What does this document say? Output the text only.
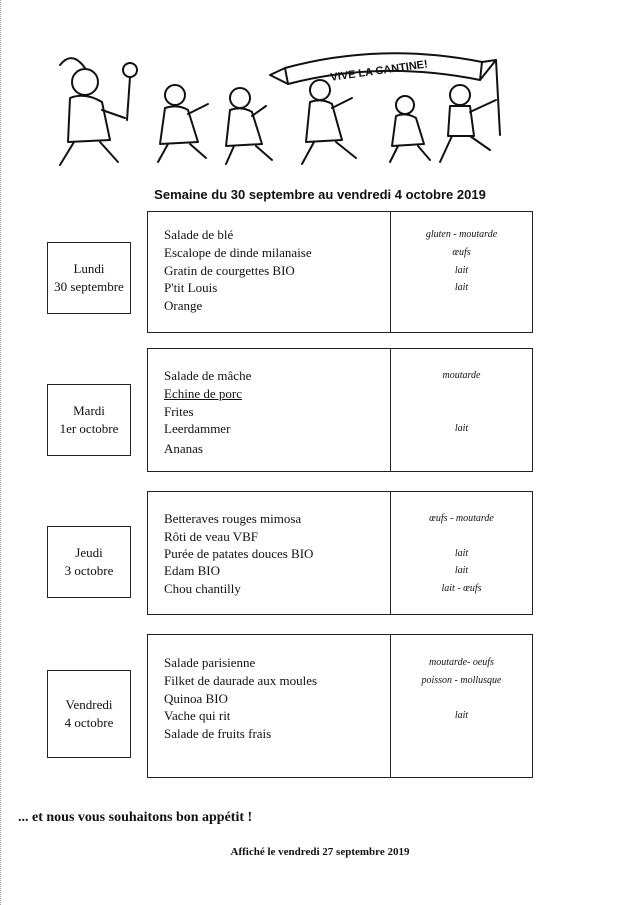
VIVE LA CANTINE!
Semaine du 30 septembre au vendredi 4 octobre 2019
Lundi
30 septembre
Salade de blé
Escalope de dinde milanaise
Gratin de courgettes BIO
P'tit Louis
Orange
gluten - moutarde
œufs
lait
lait
Mardi
1er octobre
Salade de mâche
Echine de porc
Frites
Leerdammer
Ananas
moutarde
lait
Jeudi
3 octobre
Betteraves rouges mimosa
Rôti de veau VBF
Purée de patates douces BIO
Edam BIO
Chou chantilly
œufs - moutarde
lait
lait
lait - œufs
Vendredi
4 octobre
Salade parisienne
Filket de daurade aux moules
Quinoa BIO
Vache qui rit
Salade de fruits frais
moutarde- oeufs
poisson - mollusque
lait
... et nous vous souhaitons bon appétit !
Affiché le vendredi 27 septembre 2019
